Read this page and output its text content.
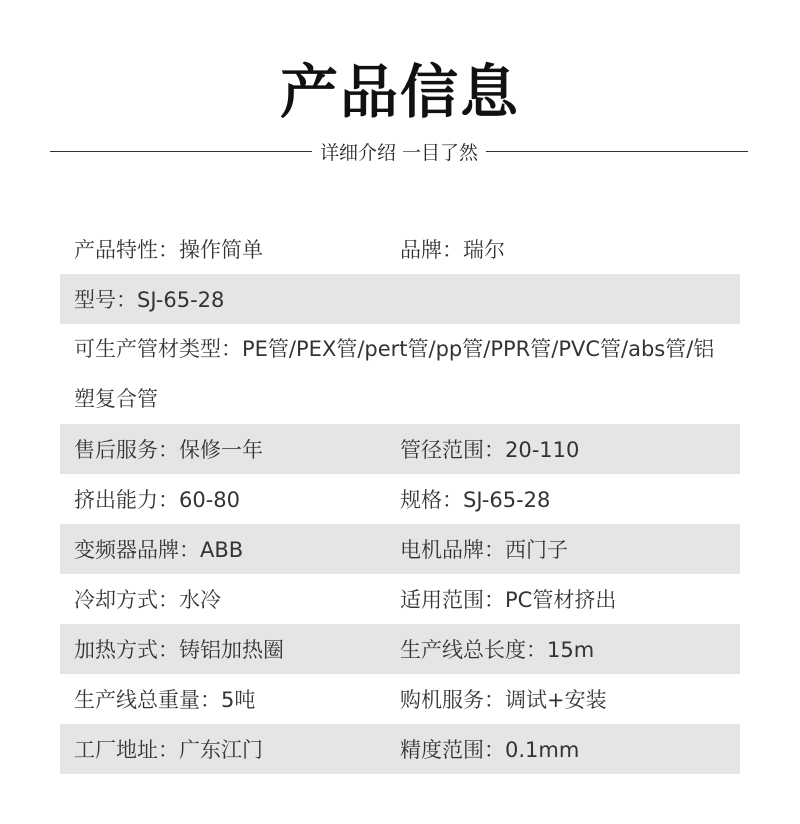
产品信息
详细介绍 一目了然
产品特性：操作简单	品牌：瑞尔
型号：SJ-65-28
可生产管材类型：PE管/PEX管/pert管/pp管/PPR管/PVC管/abs管/铝塑复合管
售后服务：保修一年	管径范围：20-110
挤出能力：60-80	规格：SJ-65-28
变频器品牌：ABB	电机品牌：西门子
冷却方式：水冷	适用范围：PC管材挤出
加热方式：铸铝加热圈	生产线总长度：15m
生产线总重量：5吨	购机服务：调试+安装
工厂地址：广东江门	精度范围：0.1mm
